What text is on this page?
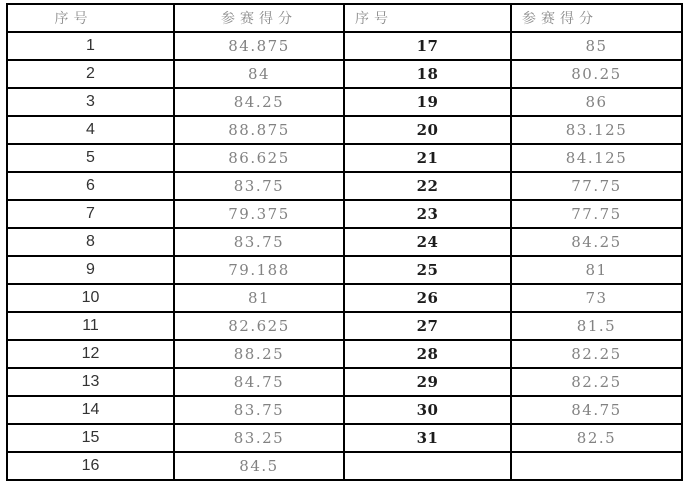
序号	参赛得分	序号	参赛得分
1	84.875	17	85
2	84	18	80.25
3	84.25	19	86
4	88.875	20	83.125
5	86.625	21	84.125
6	83.75	22	77.75
7	79.375	23	77.75
8	83.75	24	84.25
9	79.188	25	81
10	81	26	73
11	82.625	27	81.5
12	88.25	28	82.25
13	84.75	29	82.25
14	83.75	30	84.75
15	83.25	31	82.5
16	84.5		
